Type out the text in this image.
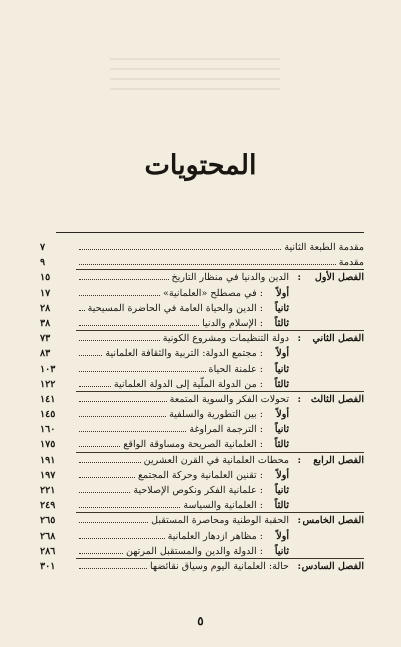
المحتويات
مقدمة الطبعة الثانية
٧
مقدمة
٩
الفصل الأول
:
الدين والدنيا في منظار التاريخ
١٥
أولاً
: في مصطلح «العلمانية»
١٧
ثانياً
: الدين والحياة العامة في الحاضرة المسيحية
٢٨
ثالثاً
: الإسلام والدنيا
٣٨
الفصل الثاني
:
دولة التنظيمات ومشروع الكونية
٧٣
أولاً
: مجتمع الدولة: التربية والثقافة العلمانية
٨٣
ثانياً
: علمنة الحياة
١٠٣
ثالثاً
: من الدولة الملّية إلى الدولة العلمانية
١٢٢
الفصل الثالث
:
تحولات الفكر والسوية المتمعة
١٤١
أولاً
: بين التطورية والسلفية
١٤٥
ثانياً
: الترجمة المراوغة
١٦٠
ثالثاً
: العلمانية الصريحة ومساوقة الواقع
١٧٥
الفصل الرابع
:
محطات العلمانية في القرن العشرين
١٩١
أولاً
: تقنين العلمانية وحركة المجتمع
١٩٧
ثانياً
: علمانية الفكر ونكوص الإصلاحية
٢٢١
ثالثاً
: العلمانية والسياسة
٢٤٩
الفصل الخامس
:
الحقبة الوطنية ومحاصرة المستقبل
٢٦٥
أولاً
: مظاهر ازدهار العلمانية
٢٦٨
ثانياً
: الدولة والدين والمستقبل المرتهن
٢٨٦
الفصل السادس
:
حالة: العلمانية اليوم وسياق نقائضها
٣٠١
٥
